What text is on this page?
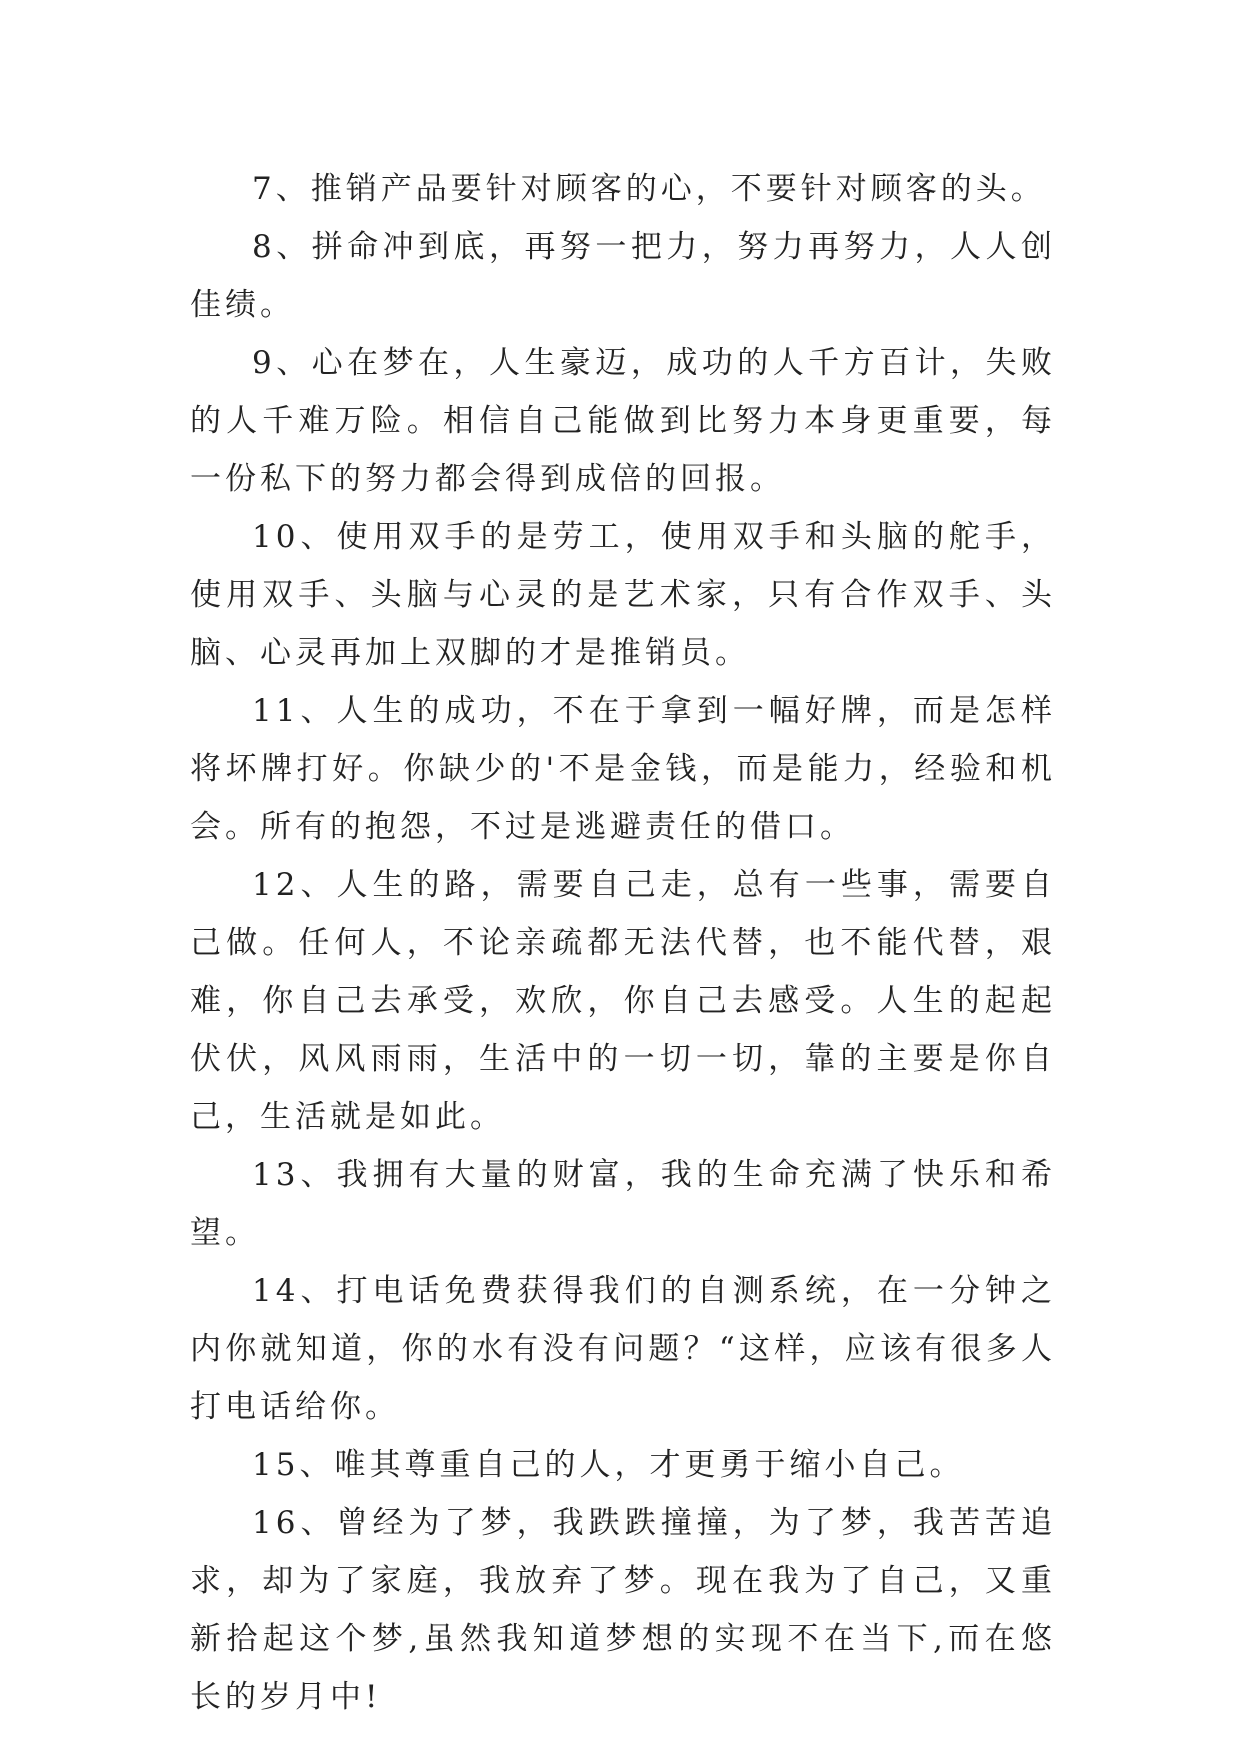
7、推销产品要针对顾客的心，不要针对顾客的头。

8、拼命冲到底，再努一把力，努力再努力，人人创佳绩。

9、心在梦在，人生豪迈，成功的人千方百计，失败的人千难万险。相信自己能做到比努力本身更重要，每一份私下的努力都会得到成倍的回报。

10、使用双手的是劳工，使用双手和头脑的舵手，使用双手、头脑与心灵的是艺术家，只有合作双手、头脑、心灵再加上双脚的才是推销员。

11、人生的成功，不在于拿到一幅好牌，而是怎样将坏牌打好。你缺少的'不是金钱，而是能力，经验和机会。所有的抱怨，不过是逃避责任的借口。

12、人生的路，需要自己走，总有一些事，需要自己做。任何人，不论亲疏都无法代替，也不能代替，艰难，你自己去承受，欢欣，你自己去感受。人生的起起伏伏，风风雨雨，生活中的一切一切，靠的主要是你自己，生活就是如此。

13、我拥有大量的财富，我的生命充满了快乐和希望。

14、打电话免费获得我们的自测系统，在一分钟之内你就知道，你的水有没有问题？“这样，应该有很多人打电话给你。

15、唯其尊重自己的人，才更勇于缩小自己。

16、曾经为了梦，我跌跌撞撞，为了梦，我苦苦追求，却为了家庭，我放弃了梦。现在我为了自己，又重新拾起这个梦,虽然我知道梦想的实现不在当下,而在悠长的岁月中!
